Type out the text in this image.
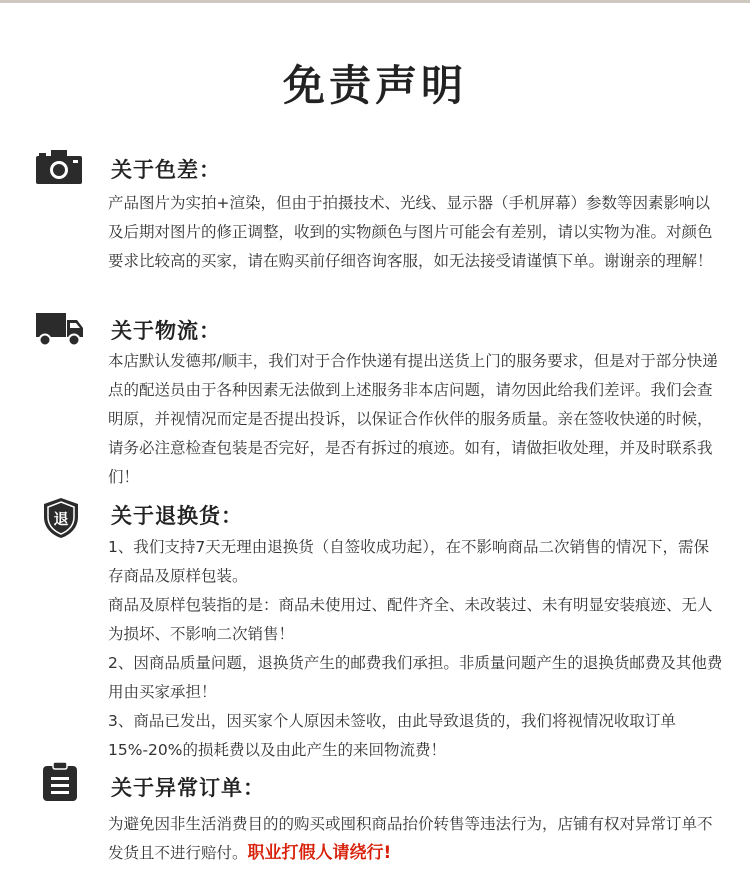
免责声明
关于色差：

产品图片为实拍+渲染，但由于拍摄技术、光线、显示器（手机屏幕）参数等因素影响以及后期对图片的修正调整，收到的实物颜色与图片可能会有差别，请以实物为准。对颜色要求比较高的买家，请在购买前仔细咨询客服，如无法接受请谨慎下单。谢谢亲的理解！

关于物流：

本店默认发德邦/顺丰，我们对于合作快递有提出送货上门的服务要求，但是对于部分快递点的配送员由于各种因素无法做到上述服务非本店问题，请勿因此给我们差评。我们会查明原，并视情况而定是否提出投诉，以保证合作伙伴的服务质量。亲在签收快递的时候，请务必注意检查包装是否完好，是否有拆过的痕迹。如有，请做拒收处理，并及时联系我们！

退 关于退换货：

1、我们支持7天无理由退换货（自签收成功起），在不影响商品二次销售的情况下，需保存商品及原样包装。

商品及原样包装指的是：商品未使用过、配件齐全、未改装过、未有明显安装痕迹、无人为损坏、不影响二次销售！

2、因商品质量问题，退换货产生的邮费我们承担。非质量问题产生的退换货邮费及其他费用由买家承担！

3、商品已发出，因买家个人原因未签收，由此导致退货的，我们将视情况收取订单15%-20%的损耗费以及由此产生的来回物流费！

关于异常订单：

为避免因非生活消费目的的购买或囤积商品抬价转售等违法行为，店铺有权对异常订单不发货且不进行赔付。职业打假人请绕行!
